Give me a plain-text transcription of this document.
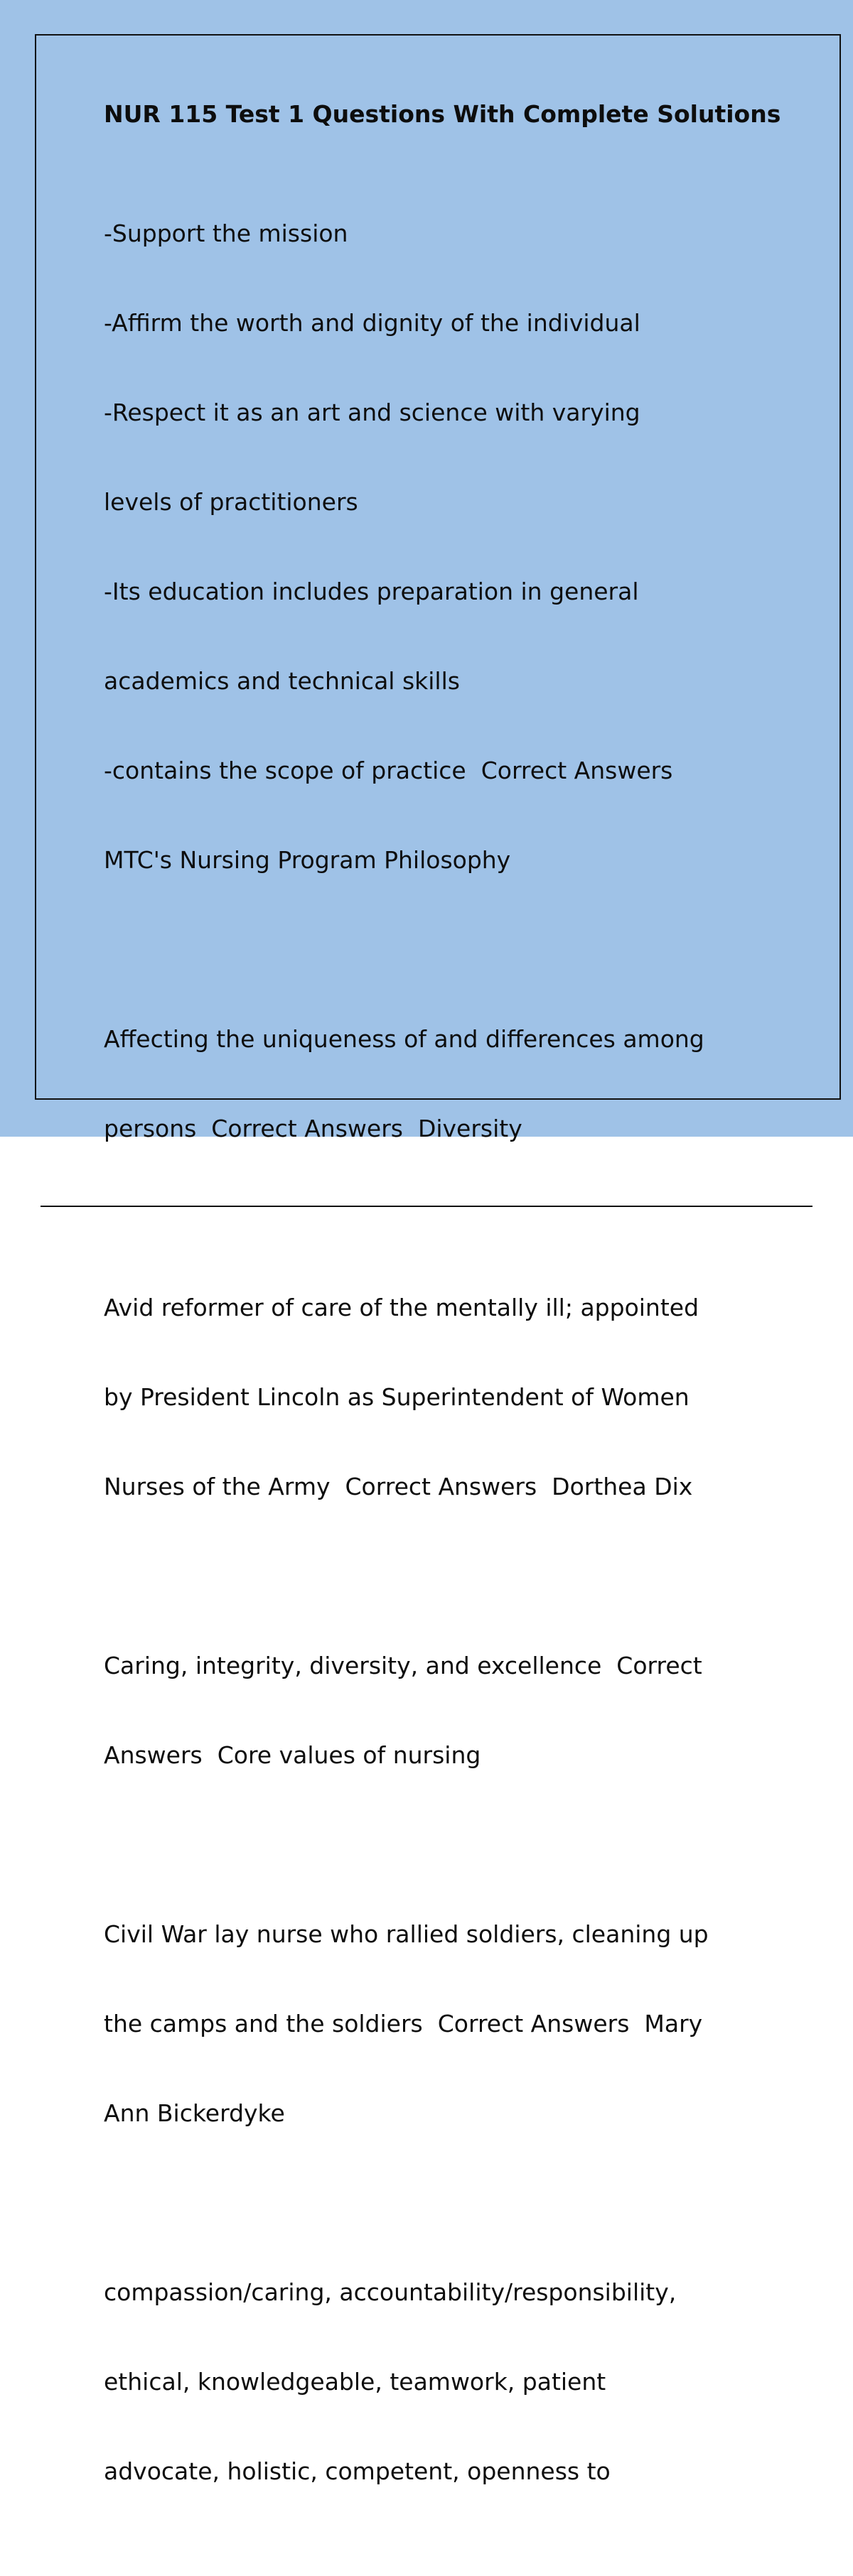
NUR 115 Test 1 Questions With Complete Solutions

-Support the mission

-Affirm the worth and dignity of the individual

-Respect it as an art and science with varying

levels of practitioners

-Its education includes preparation in general

academics and technical skills

-contains the scope of practice  Correct Answers

MTC's Nursing Program Philosophy

Affecting the uniqueness of and differences among

persons  Correct Answers  Diversity

Avid reformer of care of the mentally ill; appointed

by President Lincoln as Superintendent of Women

Nurses of the Army  Correct Answers  Dorthea Dix

Caring, integrity, diversity, and excellence  Correct

Answers  Core values of nursing

Civil War lay nurse who rallied soldiers, cleaning up

the camps and the soldiers  Correct Answers  Mary

Ann Bickerdyke

compassion/caring, accountability/responsibility,

ethical, knowledgeable, teamwork, patient

advocate, holistic, competent, openness to
